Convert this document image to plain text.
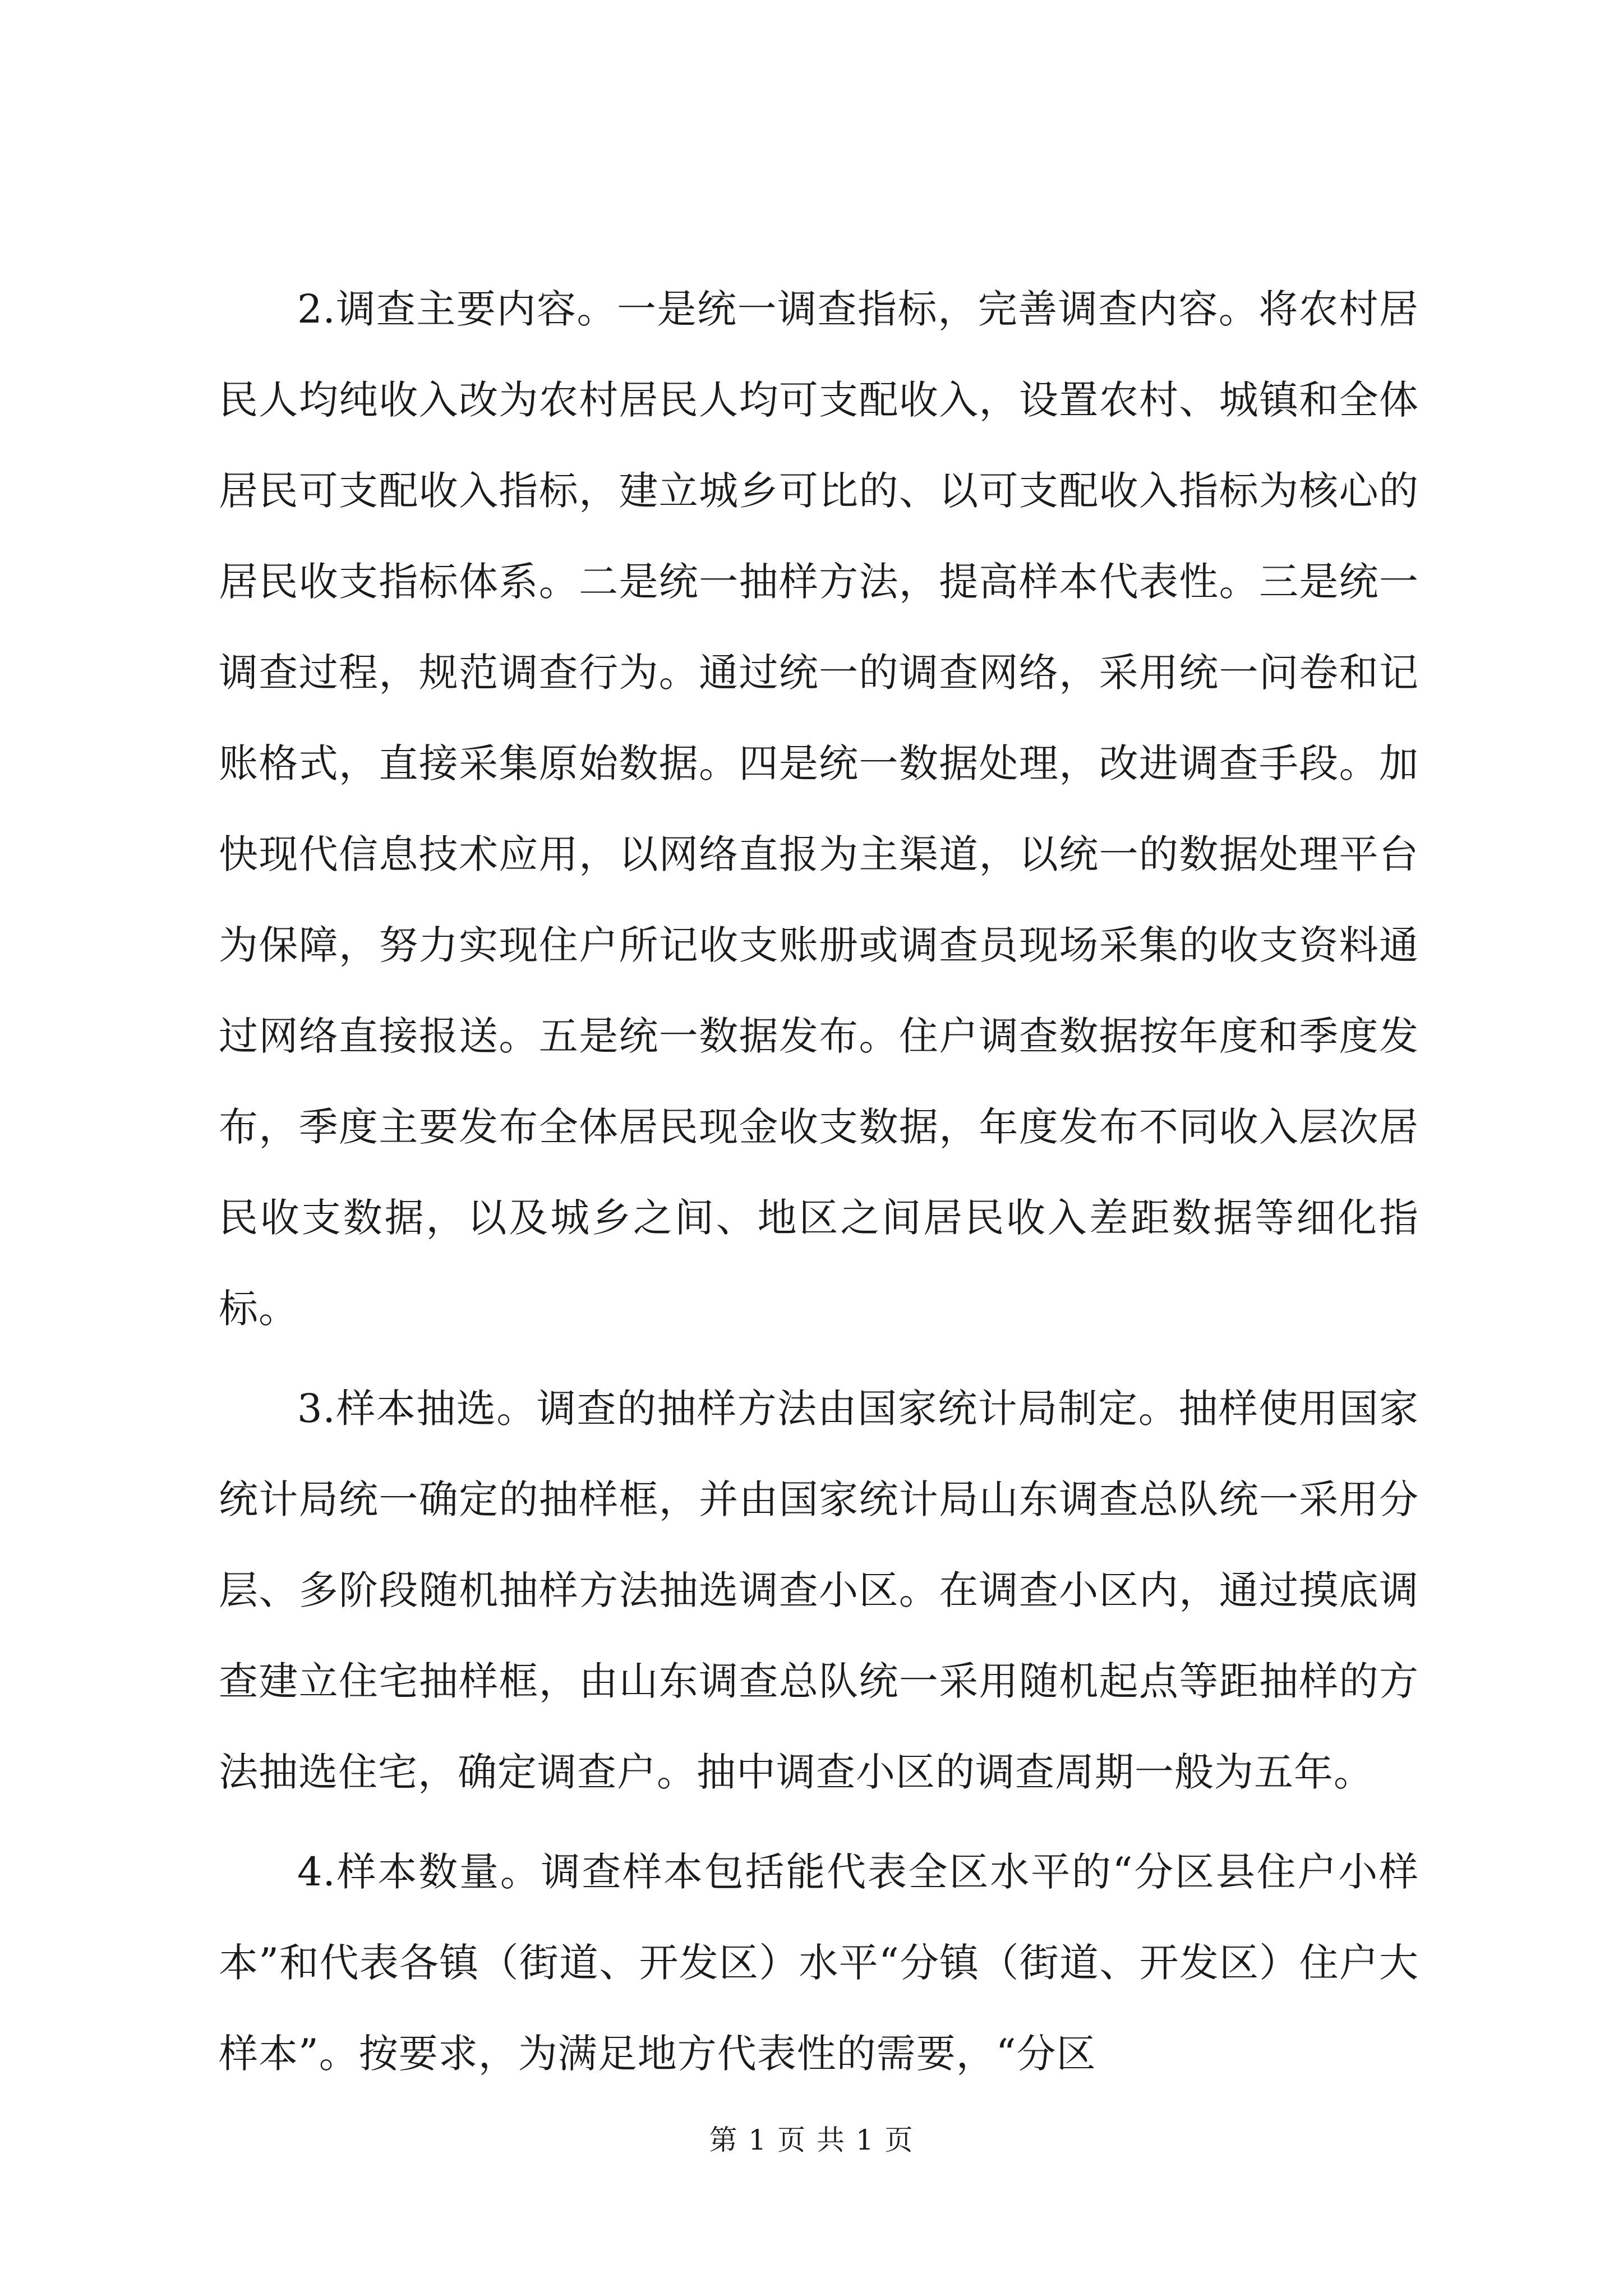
2.调查主要内容。一是统一调查指标，完善调查内容。将农村居民人均纯收入改为农村居民人均可支配收入，设置农村、城镇和全体居民可支配收入指标，建立城乡可比的、以可支配收入指标为核心的居民收支指标体系。二是统一抽样方法，提高样本代表性。三是统一调查过程，规范调查行为。通过统一的调查网络，采用统一问卷和记账格式，直接采集原始数据。四是统一数据处理，改进调查手段。加快现代信息技术应用，以网络直报为主渠道，以统一的数据处理平台为保障，努力实现住户所记收支账册或调查员现场采集的收支资料通过网络直接报送。五是统一数据发布。住户调查数据按年度和季度发布，季度主要发布全体居民现金收支数据，年度发布不同收入层次居民收支数据，以及城乡之间、地区之间居民收入差距数据等细化指标。

3.样本抽选。调查的抽样方法由国家统计局制定。抽样使用国家统计局统一确定的抽样框，并由国家统计局山东调查总队统一采用分层、多阶段随机抽样方法抽选调查小区。在调查小区内，通过摸底调查建立住宅抽样框，由山东调查总队统一采用随机起点等距抽样的方法抽选住宅，确定调查户。抽中调查小区的调查周期一般为五年。

4.样本数量。调查样本包括能代表全区水平的“分区县住户小样本”和代表各镇（街道、开发区）水平“分镇（街道、开发区）住户大样本”。按要求，为满足地方代表性的需要，“分区

第 1 页 共 1 页
